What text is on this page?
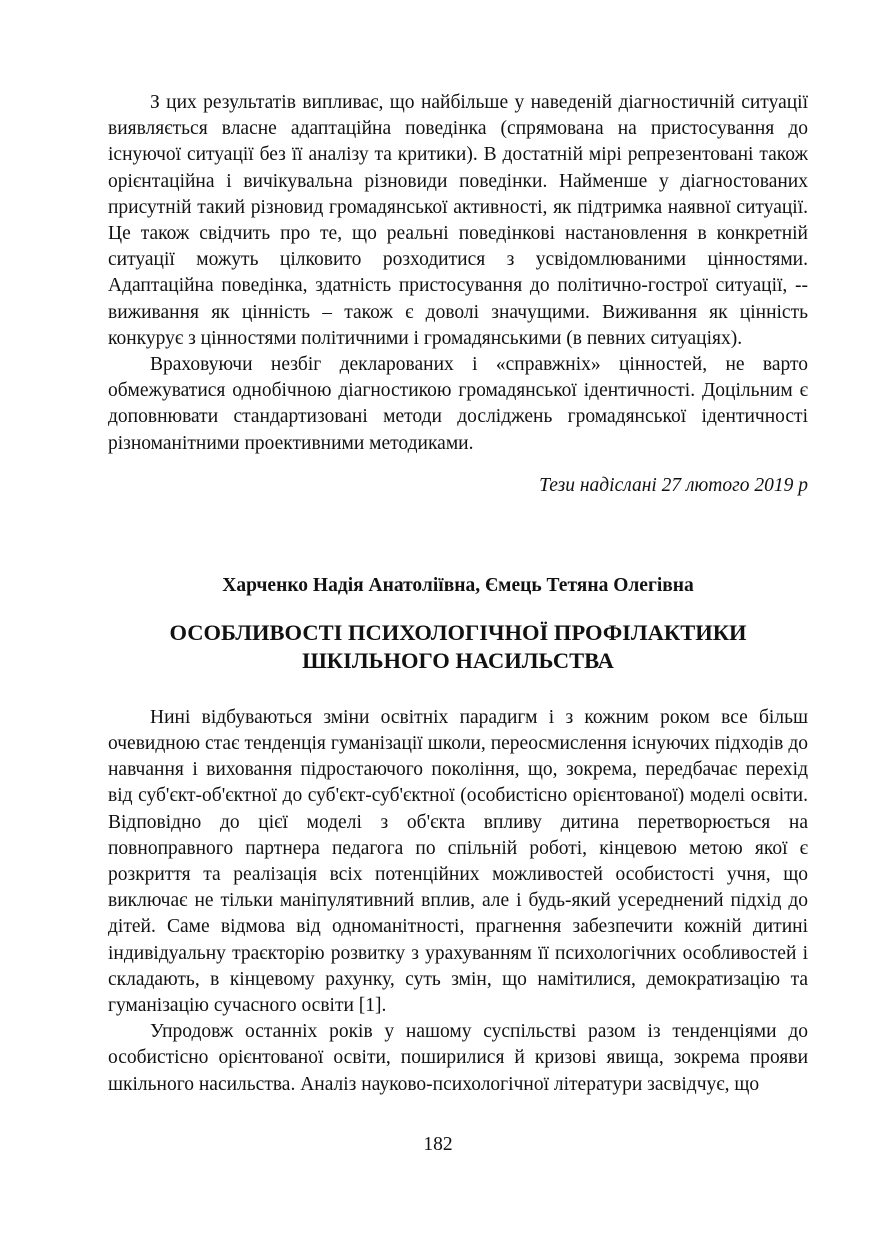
З цих результатів випливає, що найбільше у наведеній діагностичній ситуації виявляється власне адаптаційна поведінка (спрямована на пристосування до існуючої ситуації без її аналізу та критики). В достатній мірі репрезентовані також орієнтаційна і вичікувальна різновиди поведінки. Найменше у діагностованих присутній такий різновид громадянської активності, як підтримка наявної ситуації. Це також свідчить про те, що реальні поведінкові настановлення в конкретній ситуації можуть цілковито розходитися з усвідомлюваними цінностями. Адаптаційна поведінка, здатність пристосування до політично-гострої ситуації, -- виживання як цінність – також є доволі значущими. Виживання як цінність конкурує з цінностями політичними і громадянськими (в певних ситуаціях).

Враховуючи незбіг декларованих і «справжніх» цінностей, не варто обмежуватися однобічною діагностикою громадянської ідентичності. Доцільним є доповнювати стандартизовані методи досліджень громадянської ідентичності різноманітними проективними методиками.

Тези надіслані 27 лютого 2019 р

Харченко Надія Анатоліївна, Ємець Тетяна Олегівна

ОСОБЛИВОСТІ ПСИХОЛОГІЧНОЇ ПРОФІЛАКТИКИ
ШКІЛЬНОГО НАСИЛЬСТВА

Нині відбуваються зміни освітніх парадигм і з кожним роком все більш очевидною стає тенденція гуманізації школи, переосмислення існуючих підходів до навчання і виховання підростаючого покоління, що, зокрема, передбачає перехід від суб'єкт-об'єктної до суб'єкт-суб'єктної (особистісно орієнтованої) моделі освіти. Відповідно до цієї моделі з об'єкта впливу дитина перетворюється на повноправного партнера педагога по спільній роботі, кінцевою метою якої є розкриття та реалізація всіх потенційних можливостей особистості учня, що виключає не тільки маніпулятивний вплив, але і будь-який усереднений підхід до дітей. Саме відмова від одноманітності, прагнення забезпечити кожній дитині індивідуальну траєкторію розвитку з урахуванням її психологічних особливостей і складають, в кінцевому рахунку, суть змін, що намітилися, демократизацію та гуманізацію сучасного освіти [1].

Упродовж останніх років у нашому суспільстві разом із тенденціями до особистісно орієнтованої освіти, поширилися й кризові явища, зокрема прояви шкільного насильства. Аналіз науково-психологічної літератури засвідчує, що

182
